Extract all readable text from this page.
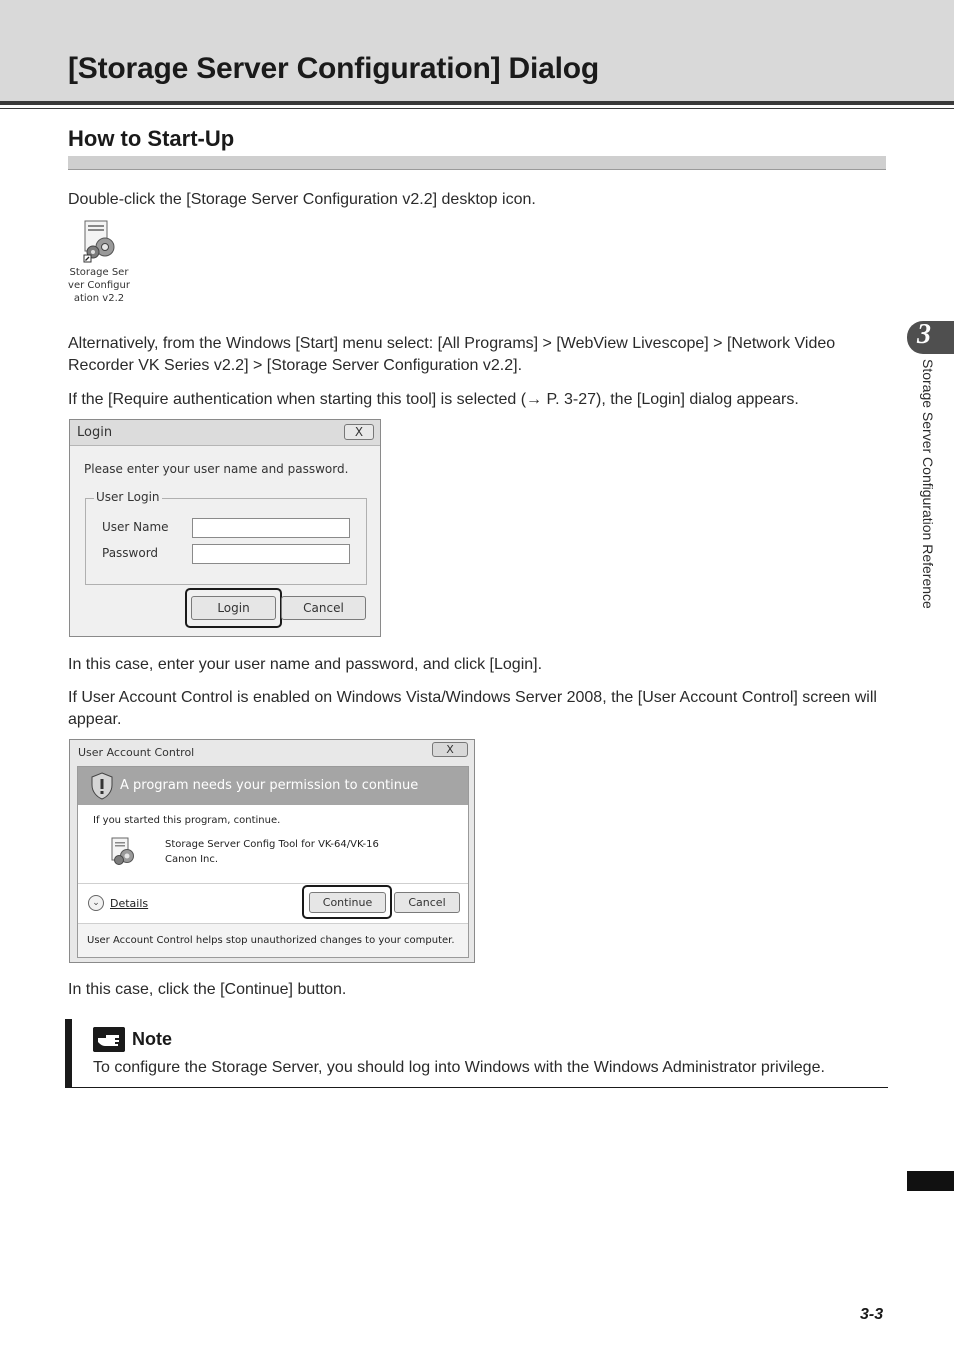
[Storage Server Configuration] Dialog
How to Start-Up

Double-click the [Storage Server Configuration v2.2] desktop icon.

Storage Server Configuration v2.2

Alternatively, from the Windows [Start] menu select: [All Programs] > [WebView Livescope] > [Network Video Recorder VK Series v2.2] > [Storage Server Configuration v2.2].

If the [Require authentication when starting this tool] is selected (→ P. 3-27), the [Login] dialog appears.

Login	X
Please enter your user name and password.
User Login
User Name
Password
Login	Cancel

In this case, enter your user name and password, and click [Login].

If User Account Control is enabled on Windows Vista/Windows Server 2008, the [User Account Control] screen will appear.

User Account Control	X
A program needs your permission to continue
If you started this program, continue.
Storage Server Config Tool for VK-64/VK-16
Canon Inc.
⌄ Details	Continue	Cancel
User Account Control helps stop unauthorized changes to your computer.

In this case, click the [Continue] button.

Note

To configure the Storage Server, you should log into Windows with the Windows Administrator privilege.

3
Storage Server Configuration Reference
3-3
